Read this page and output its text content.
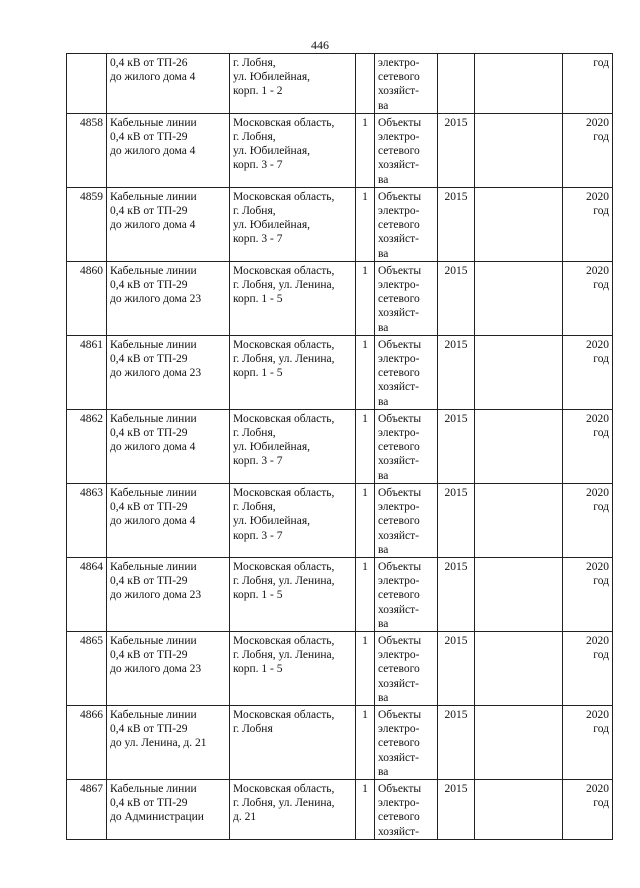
446
	0,4 кВ от ТП-26
до жилого дома 4	г. Лобня,
ул. Юбилейная,
корп. 1 - 2		электро-
сетевого
хозяйст-
ва			год
4858	Кабельные линии
0,4 кВ от ТП-29
до жилого дома 4	Московская область,
г. Лобня,
ул. Юбилейная,
корп. 3 - 7	1	Объекты
электро-
сетевого
хозяйст-
ва	2015		2020
год
4859	Кабельные линии
0,4 кВ от ТП-29
до жилого дома 4	Московская область,
г. Лобня,
ул. Юбилейная,
корп. 3 - 7	1	Объекты
электро-
сетевого
хозяйст-
ва	2015		2020
год
4860	Кабельные линии
0,4 кВ от ТП-29
до жилого дома 23	Московская область,
г. Лобня, ул. Ленина,
корп. 1 - 5	1	Объекты
электро-
сетевого
хозяйст-
ва	2015		2020
год
4861	Кабельные линии
0,4 кВ от ТП-29
до жилого дома 23	Московская область,
г. Лобня, ул. Ленина,
корп. 1 - 5	1	Объекты
электро-
сетевого
хозяйст-
ва	2015		2020
год
4862	Кабельные линии
0,4 кВ от ТП-29
до жилого дома 4	Московская область,
г. Лобня,
ул. Юбилейная,
корп. 3 - 7	1	Объекты
электро-
сетевого
хозяйст-
ва	2015		2020
год
4863	Кабельные линии
0,4 кВ от ТП-29
до жилого дома 4	Московская область,
г. Лобня,
ул. Юбилейная,
корп. 3 - 7	1	Объекты
электро-
сетевого
хозяйст-
ва	2015		2020
год
4864	Кабельные линии
0,4 кВ от ТП-29
до жилого дома 23	Московская область,
г. Лобня, ул. Ленина,
корп. 1 - 5	1	Объекты
электро-
сетевого
хозяйст-
ва	2015		2020
год
4865	Кабельные линии
0,4 кВ от ТП-29
до жилого дома 23	Московская область,
г. Лобня, ул. Ленина,
корп. 1 - 5	1	Объекты
электро-
сетевого
хозяйст-
ва	2015		2020
год
4866	Кабельные линии
0,4 кВ от ТП-29
до ул. Ленина, д. 21	Московская область,
г. Лобня	1	Объекты
электро-
сетевого
хозяйст-
ва	2015		2020
год
4867	Кабельные линии
0,4 кВ от ТП-29
до Администрации	Московская область,
г. Лобня, ул. Ленина,
д. 21	1	Объекты
электро-
сетевого
хозяйст-	2015		2020
год
